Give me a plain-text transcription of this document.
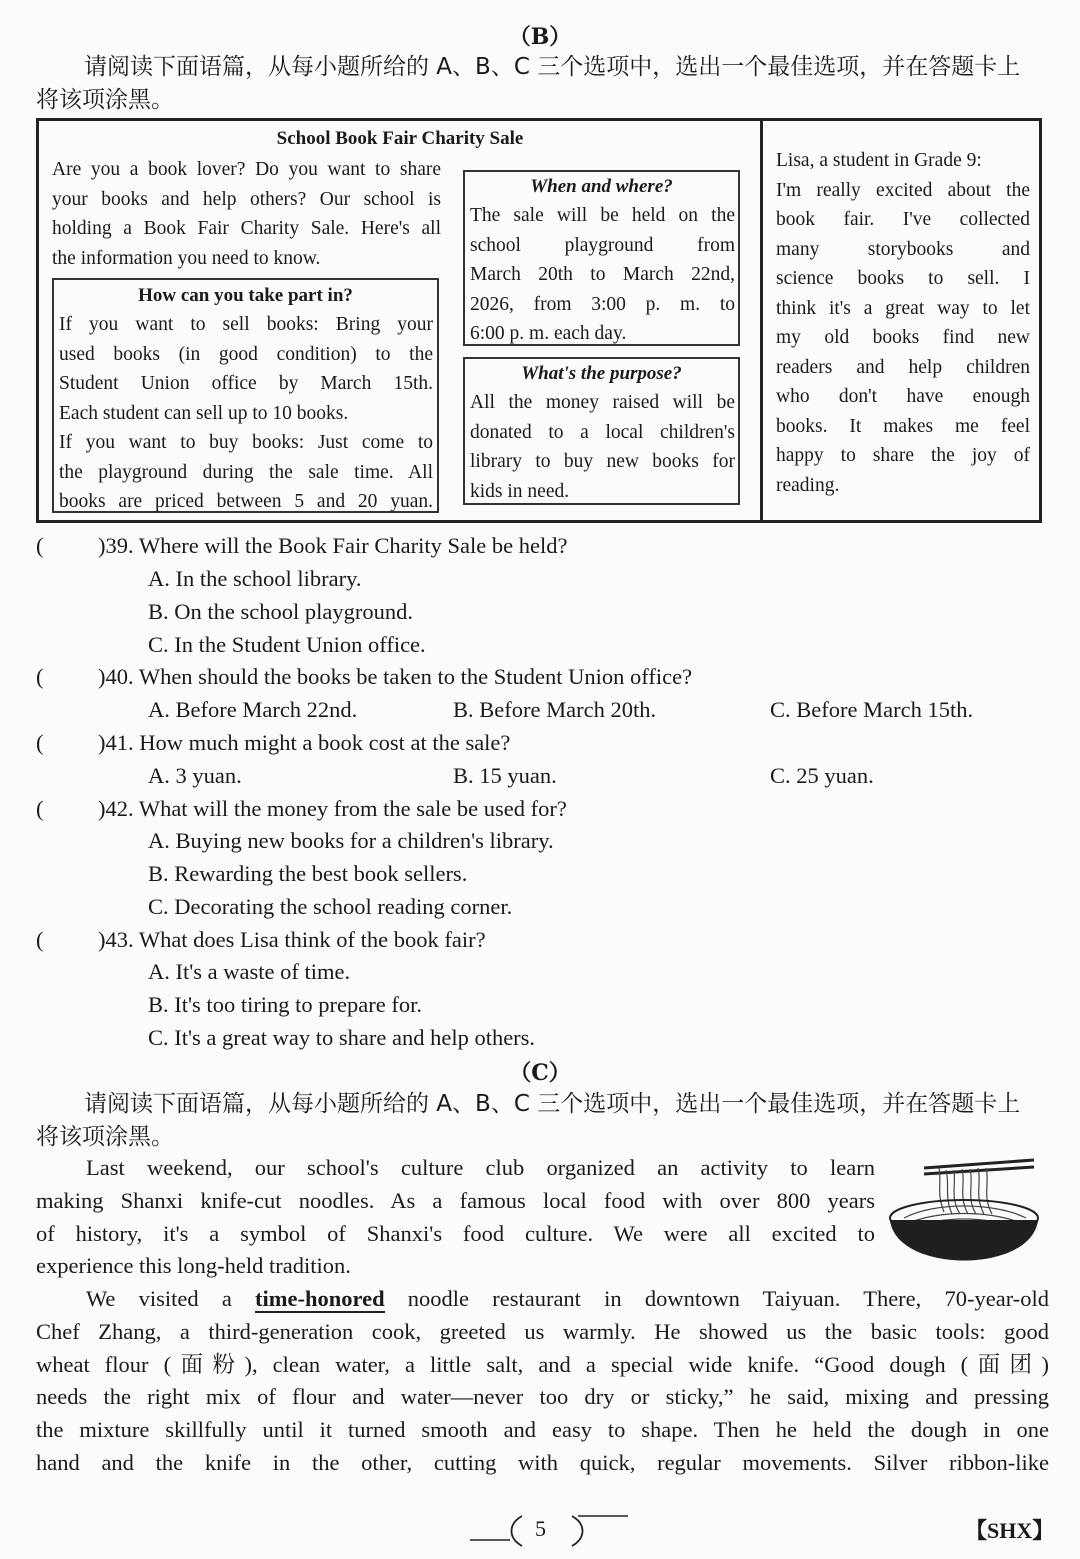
（B）
请阅读下面语篇，从每小题所给的 A、B、C 三个选项中，选出一个最佳选项，并在答题卡上
将该项涂黑。
School Book Fair Charity Sale
Are you a book lover? Do you want to share
your books and help others? Our school is
holding a Book Fair Charity Sale. Here's all
the information you need to know.
How can you take part in?
If you want to sell books: Bring your
used books (in good condition) to the
Student Union office by March 15th.
Each student can sell up to 10 books.
If you want to buy books: Just come to
the playground during the sale time. All
books are priced between 5 and 20 yuan.
When and where?
The sale will be held on the
school playground from
March 20th to March 22nd,
2026, from 3:00 p. m. to
6:00 p. m. each day.
What's the purpose?
All the money raised will be
donated to a local children's
library to buy new books for
kids in need.
Lisa, a student in Grade 9:
I'm really excited about the
book fair. I've collected
many storybooks and
science books to sell. I
think it's a great way to let
my old books find new
readers and help children
who don't have enough
books. It makes me feel
happy to share the joy of
reading.
( )39. Where will the Book Fair Charity Sale be held?
A. In the school library.
B. On the school playground.
C. In the Student Union office.
( )40. When should the books be taken to the Student Union office?
A. Before March 22nd.	B. Before March 20th.	C. Before March 15th.
( )41. How much might a book cost at the sale?
A. 3 yuan.	B. 15 yuan.	C. 25 yuan.
( )42. What will the money from the sale be used for?
A. Buying new books for a children's library.
B. Rewarding the best book sellers.
C. Decorating the school reading corner.
( )43. What does Lisa think of the book fair?
A. It's a waste of time.
B. It's too tiring to prepare for.
C. It's a great way to share and help others.
（C）
请阅读下面语篇，从每小题所给的 A、B、C 三个选项中，选出一个最佳选项，并在答题卡上
将该项涂黑。
Last weekend, our school's culture club organized an activity to learn
making Shanxi knife-cut noodles. As a famous local food with over 800 years
of history, it's a symbol of Shanxi's food culture. We were all excited to
experience this long-held tradition.
We visited a time-honored noodle restaurant in downtown Taiyuan. There, 70-year-old
Chef Zhang, a third-generation cook, greeted us warmly. He showed us the basic tools: good
wheat flour (面粉), clean water, a little salt, and a special wide knife. “Good dough (面团)
needs the right mix of flour and water—never too dry or sticky,” he said, mixing and pressing
the mixture skillfully until it turned smooth and easy to shape. Then he held the dough in one
hand and the knife in the other, cutting with quick, regular movements. Silver ribbon-like
5	【SHX】
